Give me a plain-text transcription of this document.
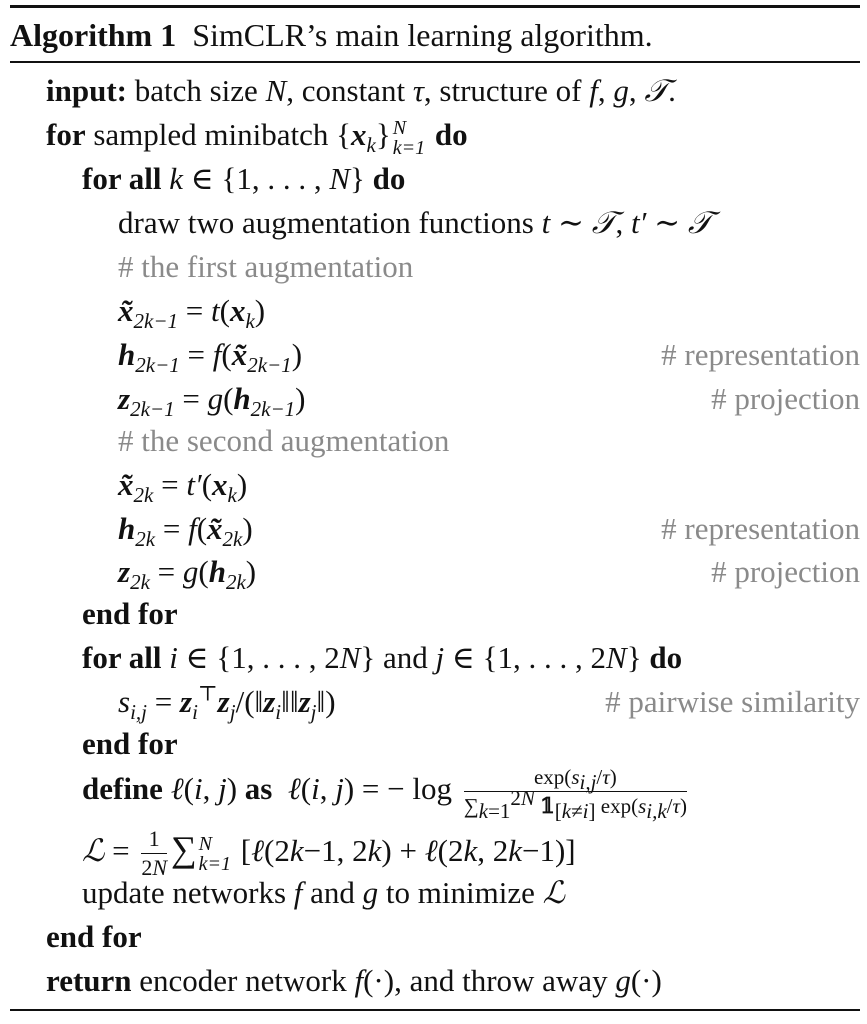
Algorithm 1 SimCLR’s main learning algorithm.
input: batch size N, constant τ, structure of f, g, 𝒯.
for sampled minibatch $\{x_k\}$ N
k=1 do
for all k ∈ {1, . . . , N} do
draw two augmentation functions t ∼ 𝒯, t′ ∼ 𝒯
# the first augmentation
$x̃_{2k-1} = t(x_k)$
$h_{2k-1}$ = $f(x̃_{2k-1})$	# representation
$z_{2k-1} = g(h_{2k-1})$	# projection
# the second augmentation
$x̃_{2k} = t'(x_k)$
$h_{2k}$ = $f(x̃_{2k})$	# representation
$z_{2k} = g(h_{2k})$	# projection
end for
for all i ∈ {1, . . . , 2N} and j ∈ {1, . . . , 2N} do
$s_{i,j}$ = $z_i^⊤z_j/(‖z_i‖‖z_j‖)$	# pairwise similarity
end for
define ℓ(i, j) as ℓ(i, j) = − $\log \frac{\exp(s_{i,j}/\tau)}{\sum_{k=1}^{2N} 𝟙_{[k\ne i]} \exp(s_{i,k}/\tau)}$
ℒ = $\frac{1}{2N}$ ∑ N
k=1 [ℓ(2k−1, 2k) + ℓ(2k, 2k−1)]
update networks f and g to minimize ℒ
end for
return encoder network f(·), and throw away g(·)
